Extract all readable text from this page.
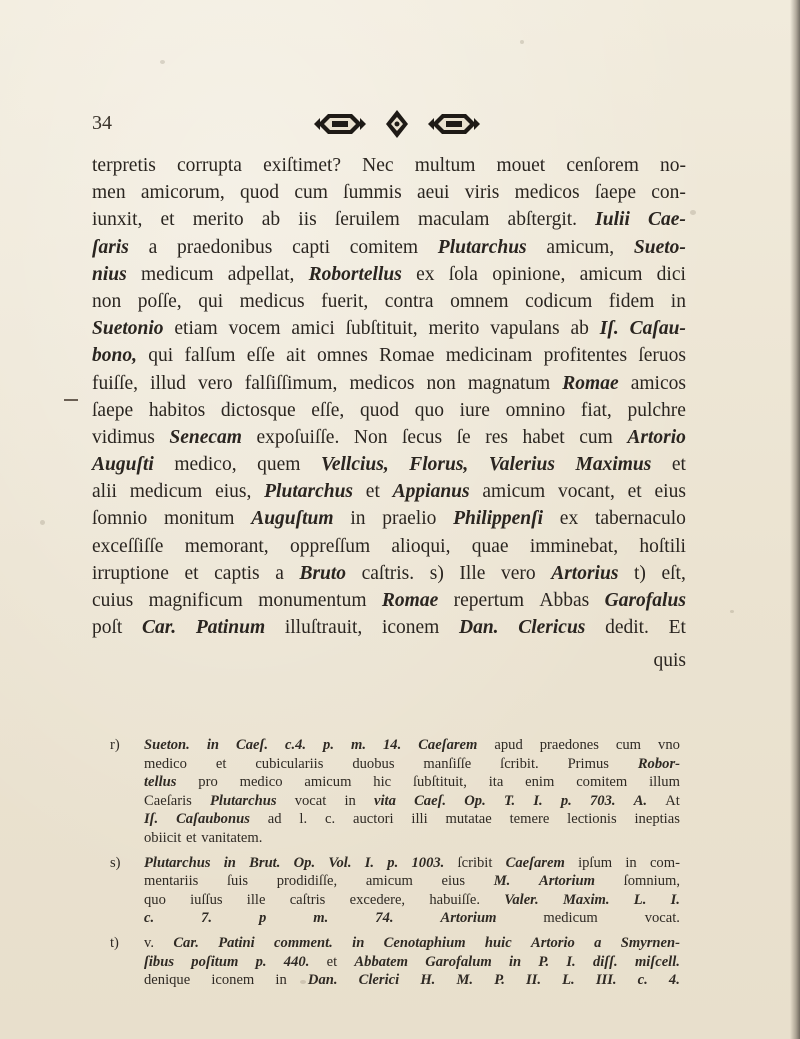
34
terpretis corrupta exiſtimet? Nec multum mouet cenſorem no-
men amicorum, quod cum ſummis aeui viris medicos ſaepe con-
iunxit, et merito ab iis ſeruilem maculam abſtergit. Iulii Cae-
ſaris a praedonibus capti comitem Plutarchus amicum, Sueto-
nius medicum adpellat, Robortellus ex ſola opinione, amicum dici
non poſſe, qui medicus fuerit, contra omnem codicum fidem in
Suetonio etiam vocem amici ſubſtituit, merito vapulans ab Iſ. Caſau-
bono, qui falſum eſſe ait omnes Romae medicinam profitentes ſeruos
fuiſſe, illud vero falſiſſimum, medicos non magnatum Romae amicos
ſaepe habitos dictosque eſſe, quod quo iure omnino fiat, pulchre
vidimus Senecam expoſuiſſe. Non ſecus ſe res habet cum Artorio
Auguſti medico, quem Vellcius, Florus, Valerius Maximus et
alii medicum eius, Plutarchus et Appianus amicum vocant, et eius
ſomnio monitum Auguſtum in praelio Philippenſi ex tabernaculo
exceſſiſſe memorant, oppreſſum alioqui, quae imminebat, hoſtili
irruptione et captis a Bruto caſtris. s) Ille vero Artorius t) eſt,
cuius magnificum monumentum Romae repertum Abbas Garofalus
poſt Car. Patinum illuſtrauit, iconem Dan. Clericus dedit. Et
quis
r)	Sueton. in Caeſ. c.4. p. m. 14. Caeſarem apud praedones cum vno
medico et cubiculariis duobus manſiſſe ſcribit. Primus Robor-
tellus pro medico amicum hic ſubſtituit, ita enim comitem illum
Caeſaris Plutarchus vocat in vita Caeſ. Op. T. I. p. 703. A. At
Iſ. Caſaubonus ad l. c. auctori illi mutatae temere lectionis ineptias
obiicit et vanitatem.
s)	Plutarchus in Brut. Op. Vol. I. p. 1003. ſcribit Caeſarem ipſum in com-
mentariis ſuis prodidiſſe, amicum eius M. Artorium ſomnium,
quo iuſſus ille caſtris excedere, habuiſſe. Valer. Maxim. L. I.
c.	7.	p	m.	74.	Artorium	medicum	vocat.
t)	v. Car. Patini comment. in Cenotaphium huic Artorio a Smyrnen-
ſibus poſitum p. 440. et Abbatem Garofalum in P. I. diſſ. miſcell.
denique iconem in Dan. Clerici H. M. P. II. L. III. c. 4.
